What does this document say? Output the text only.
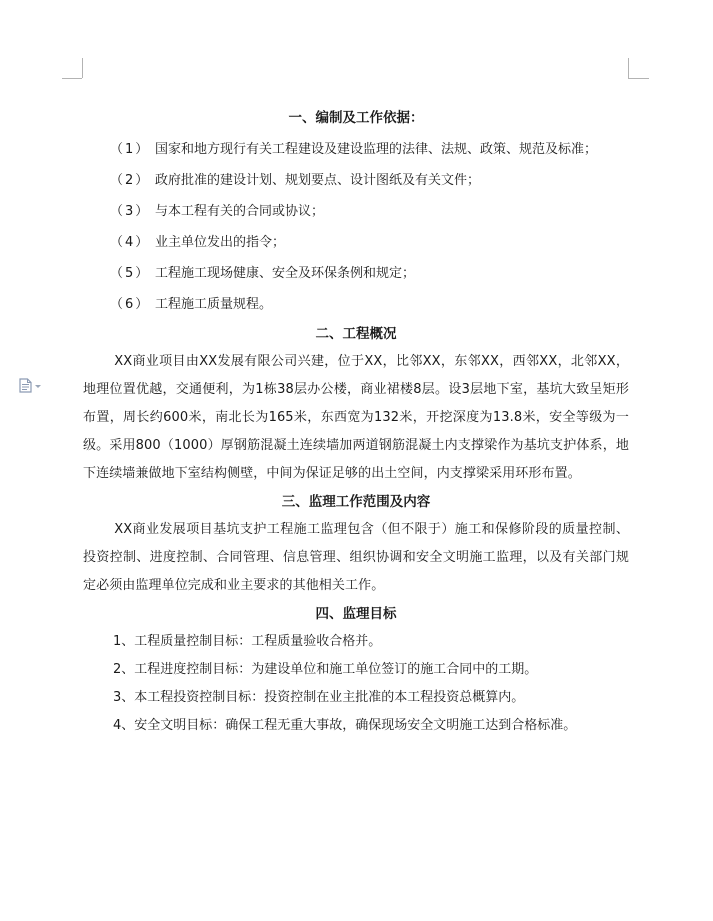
一、编制及工作依据：
（1） 国家和地方现行有关工程建设及建设监理的法律、法规、政策、规范及标准；
（2） 政府批准的建设计划、规划要点、设计图纸及有关文件；
（3） 与本工程有关的合同或协议；
（4） 业主单位发出的指令；
（5） 工程施工现场健康、安全及环保条例和规定；
（6） 工程施工质量规程。
二、工程概况

XX商业项目由XX发展有限公司兴建，位于XX，比邻XX，东邻XX，西邻XX，北邻XX，地理位置优越，交通便利，为1栋38层办公楼，商业裙楼8层。设3层地下室，基坑大致呈矩形布置，周长约600米，南北长为165米，东西宽为132米，开挖深度为13.8米，安全等级为一级。采用800（1000）厚钢筋混凝土连续墙加两道钢筋混凝土内支撑梁作为基坑支护体系，地下连续墙兼做地下室结构侧壁，中间为保证足够的出土空间，内支撑梁采用环形布置。

三、监理工作范围及内容

XX商业发展项目基坑支护工程施工监理包含（但不限于）施工和保修阶段的质量控制、投资控制、进度控制、合同管理、信息管理、组织协调和安全文明施工监理，以及有关部门规定必须由监理单位完成和业主要求的其他相关工作。

四、监理目标
1、工程质量控制目标：工程质量验收合格并。
2、工程进度控制目标：为建设单位和施工单位签订的施工合同中的工期。
3、本工程投资控制目标：投资控制在业主批准的本工程投资总概算内。
4、安全文明目标：确保工程无重大事故，确保现场安全文明施工达到合格标准。
